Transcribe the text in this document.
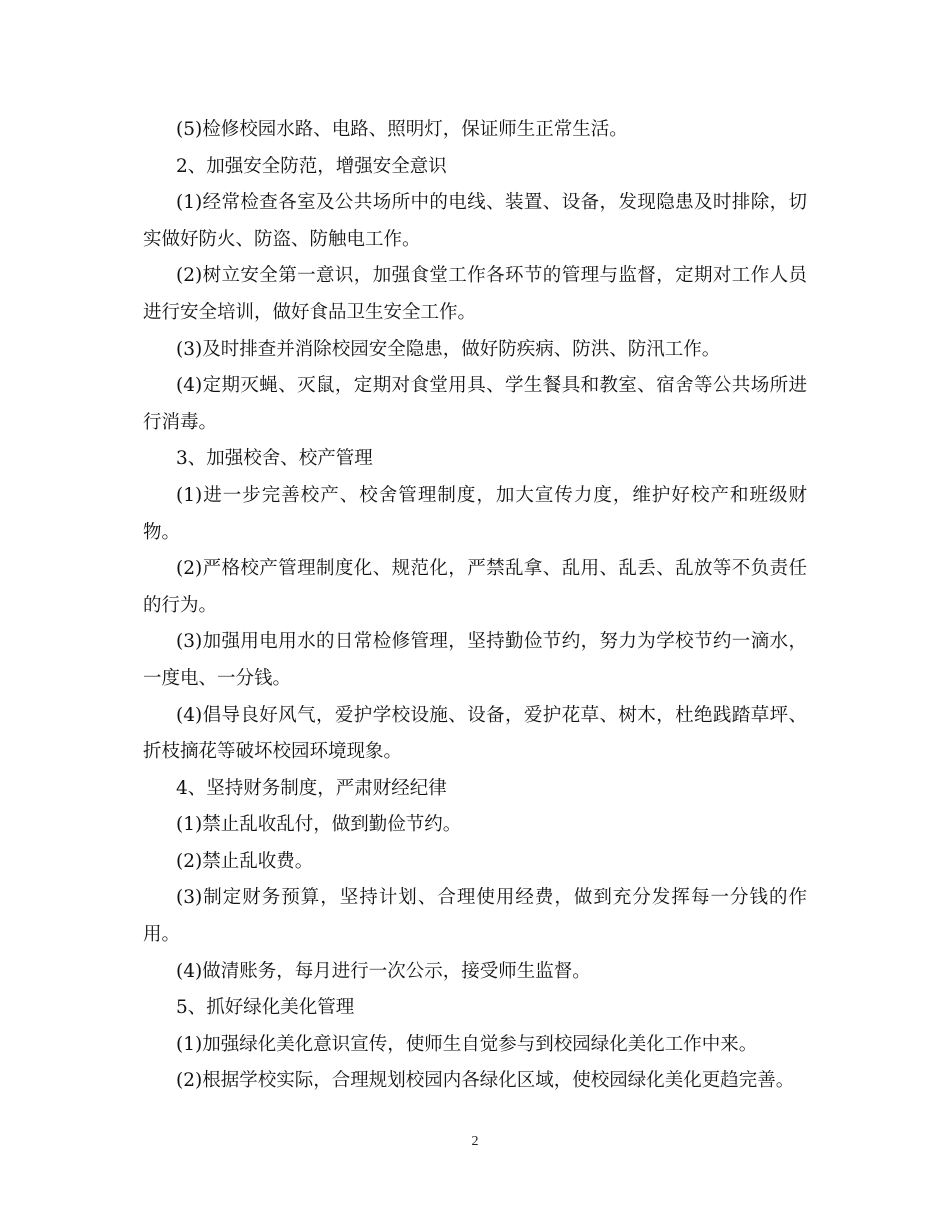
(5)检修校园水路、电路、照明灯，保证师生正常生活。

2、加强安全防范，增强安全意识

(1)经常检查各室及公共场所中的电线、装置、设备，发现隐患及时排除，切实做好防火、防盗、防触电工作。

(2)树立安全第一意识，加强食堂工作各环节的管理与监督，定期对工作人员进行安全培训，做好食品卫生安全工作。

(3)及时排查并消除校园安全隐患，做好防疾病、防洪、防汛工作。

(4)定期灭蝇、灭鼠，定期对食堂用具、学生餐具和教室、宿舍等公共场所进行消毒。

3、加强校舍、校产管理

(1)进一步完善校产、校舍管理制度，加大宣传力度，维护好校产和班级财物。

(2)严格校产管理制度化、规范化，严禁乱拿、乱用、乱丢、乱放等不负责任的行为。

(3)加强用电用水的日常检修管理，坚持勤俭节约，努力为学校节约一滴水，一度电、一分钱。

(4)倡导良好风气，爱护学校设施、设备，爱护花草、树木，杜绝践踏草坪、折枝摘花等破坏校园环境现象。

4、坚持财务制度，严肃财经纪律

(1)禁止乱收乱付，做到勤俭节约。

(2)禁止乱收费。

(3)制定财务预算，坚持计划、合理使用经费，做到充分发挥每一分钱的作用。

(4)做清账务，每月进行一次公示，接受师生监督。

5、抓好绿化美化管理

(1)加强绿化美化意识宣传，使师生自觉参与到校园绿化美化工作中来。

(2)根据学校实际，合理规划校园内各绿化区域，使校园绿化美化更趋完善。

2
